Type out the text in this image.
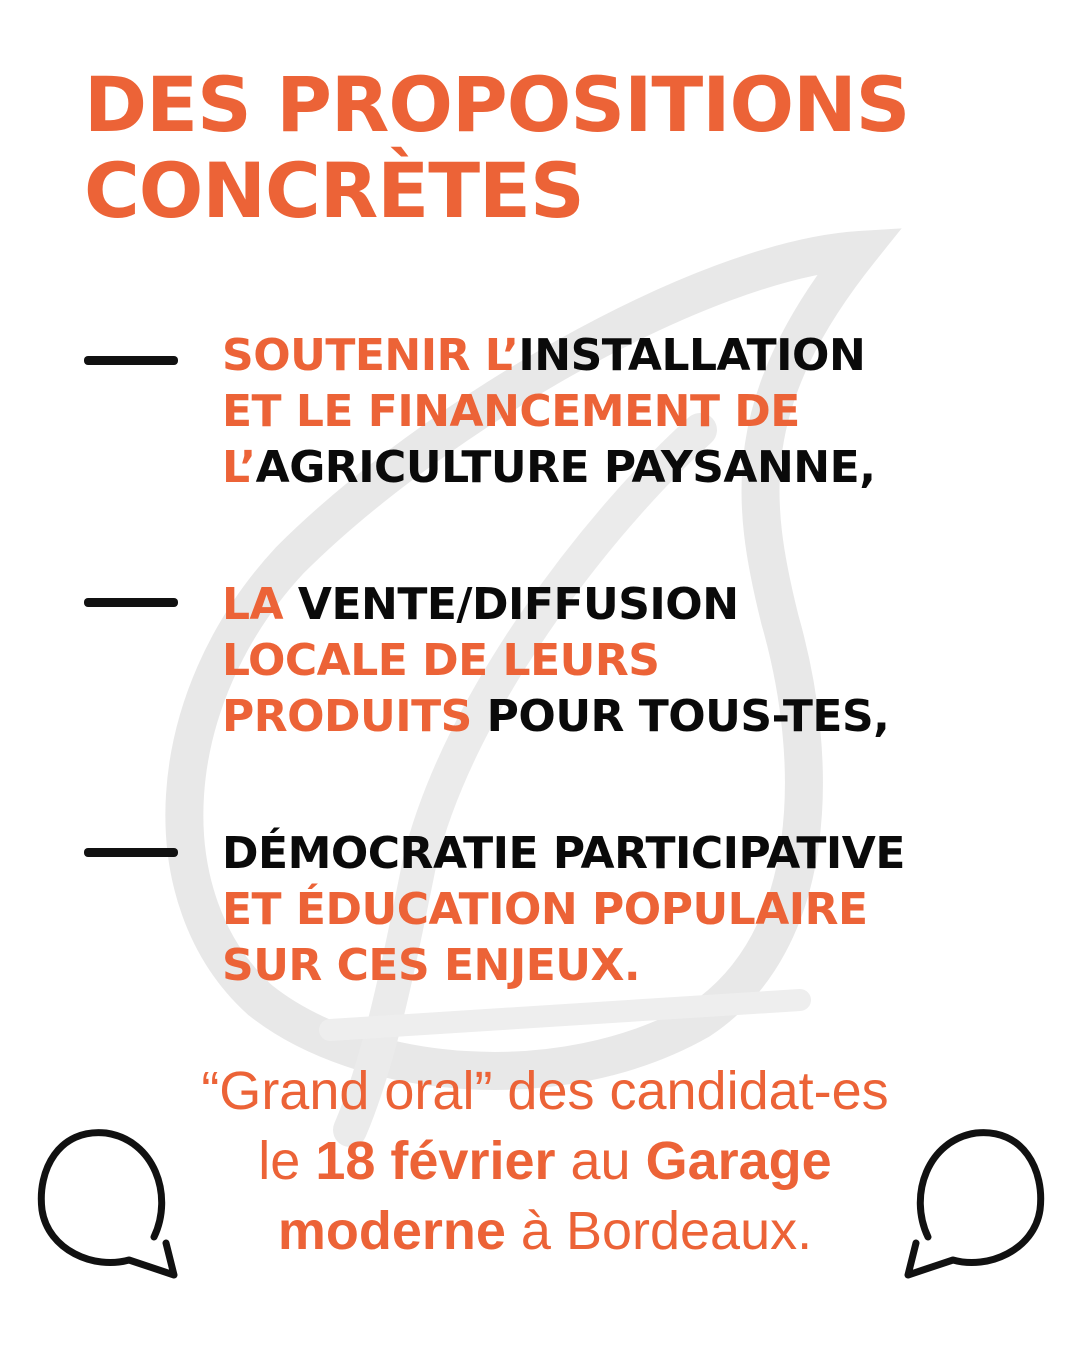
DES PROPOSITIONS
CONCRÈTES
SOUTENIR L’INSTALLATION
ET LE FINANCEMENT DE
L’AGRICULTURE PAYSANNE,
LA VENTE/DIFFUSION
LOCALE DE LEURS
PRODUITS POUR TOUS-TES,
DÉMOCRATIE PARTICIPATIVE
ET ÉDUCATION POPULAIRE
SUR CES ENJEUX.
“Grand oral” des candidat-es
le 18 février au Garage
moderne à Bordeaux.
